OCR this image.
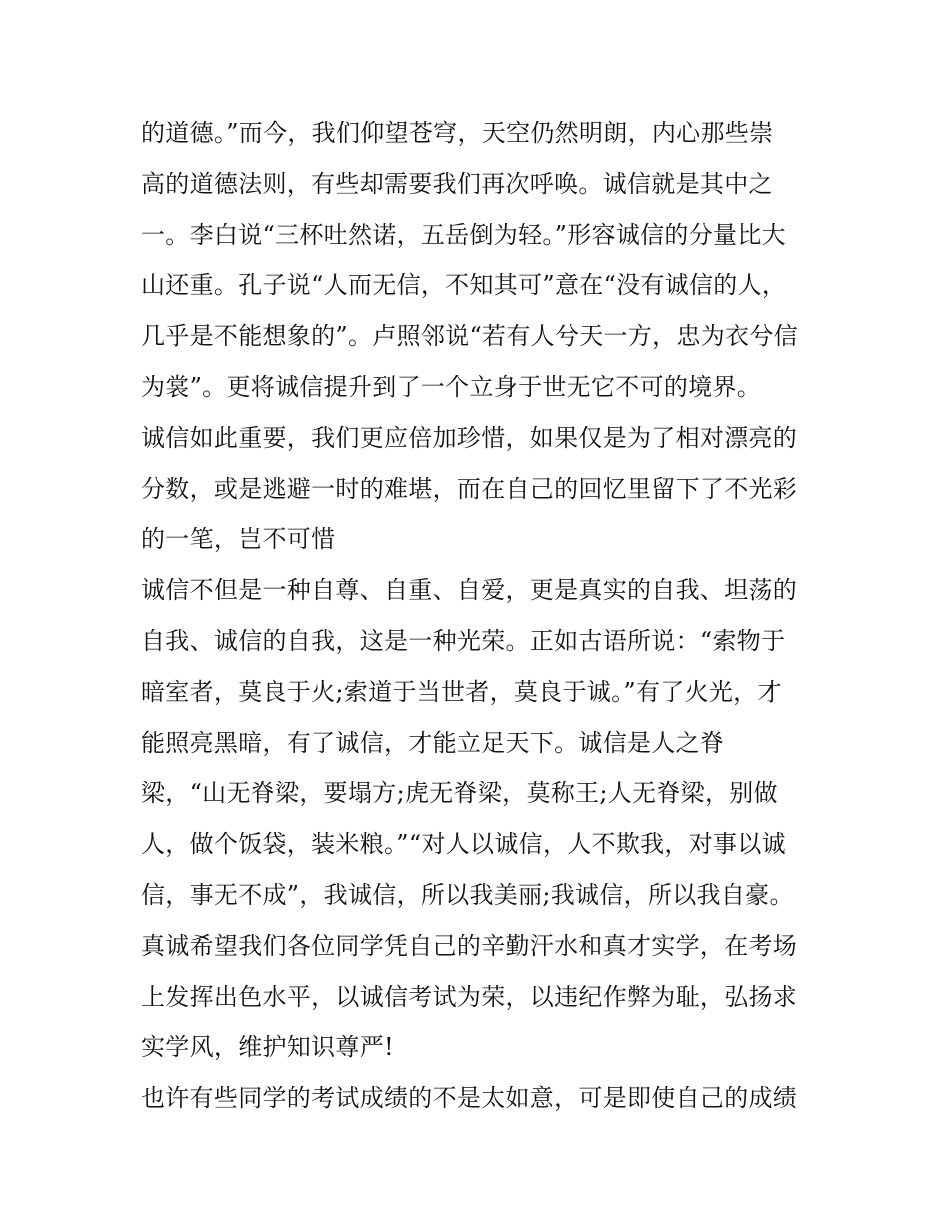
的道德。”而今，我们仰望苍穹，天空仍然明朗，内心那些崇
高的道德法则，有些却需要我们再次呼唤。诚信就是其中之
一。李白说“三杯吐然诺，五岳倒为轻。”形容诚信的分量比大
山还重。孔子说“人而无信，不知其可”意在“没有诚信的人，
几乎是不能想象的”。卢照邻说“若有人兮天一方，忠为衣兮信
为裳”。更将诚信提升到了一个立身于世无它不可的境界。
诚信如此重要，我们更应倍加珍惜，如果仅是为了相对漂亮的
分数，或是逃避一时的难堪，而在自己的回忆里留下了不光彩
的一笔，岂不可惜
诚信不但是一种自尊、自重、自爱，更是真实的自我、坦荡的
自我、诚信的自我，这是一种光荣。正如古语所说：“索物于
暗室者，莫良于火;索道于当世者，莫良于诚。”有了火光，才
能照亮黑暗，有了诚信，才能立足天下。诚信是人之脊
梁，“山无脊梁，要塌方;虎无脊梁，莫称王;人无脊梁，别做
人，做个饭袋，装米粮。”“对人以诚信，人不欺我，对事以诚
信，事无不成”，我诚信，所以我美丽;我诚信，所以我自豪。
真诚希望我们各位同学凭自己的辛勤汗水和真才实学，在考场
上发挥出色水平，以诚信考试为荣，以违纪作弊为耻，弘扬求
实学风，维护知识尊严!
也许有些同学的考试成绩的不是太如意，可是即使自己的成绩
